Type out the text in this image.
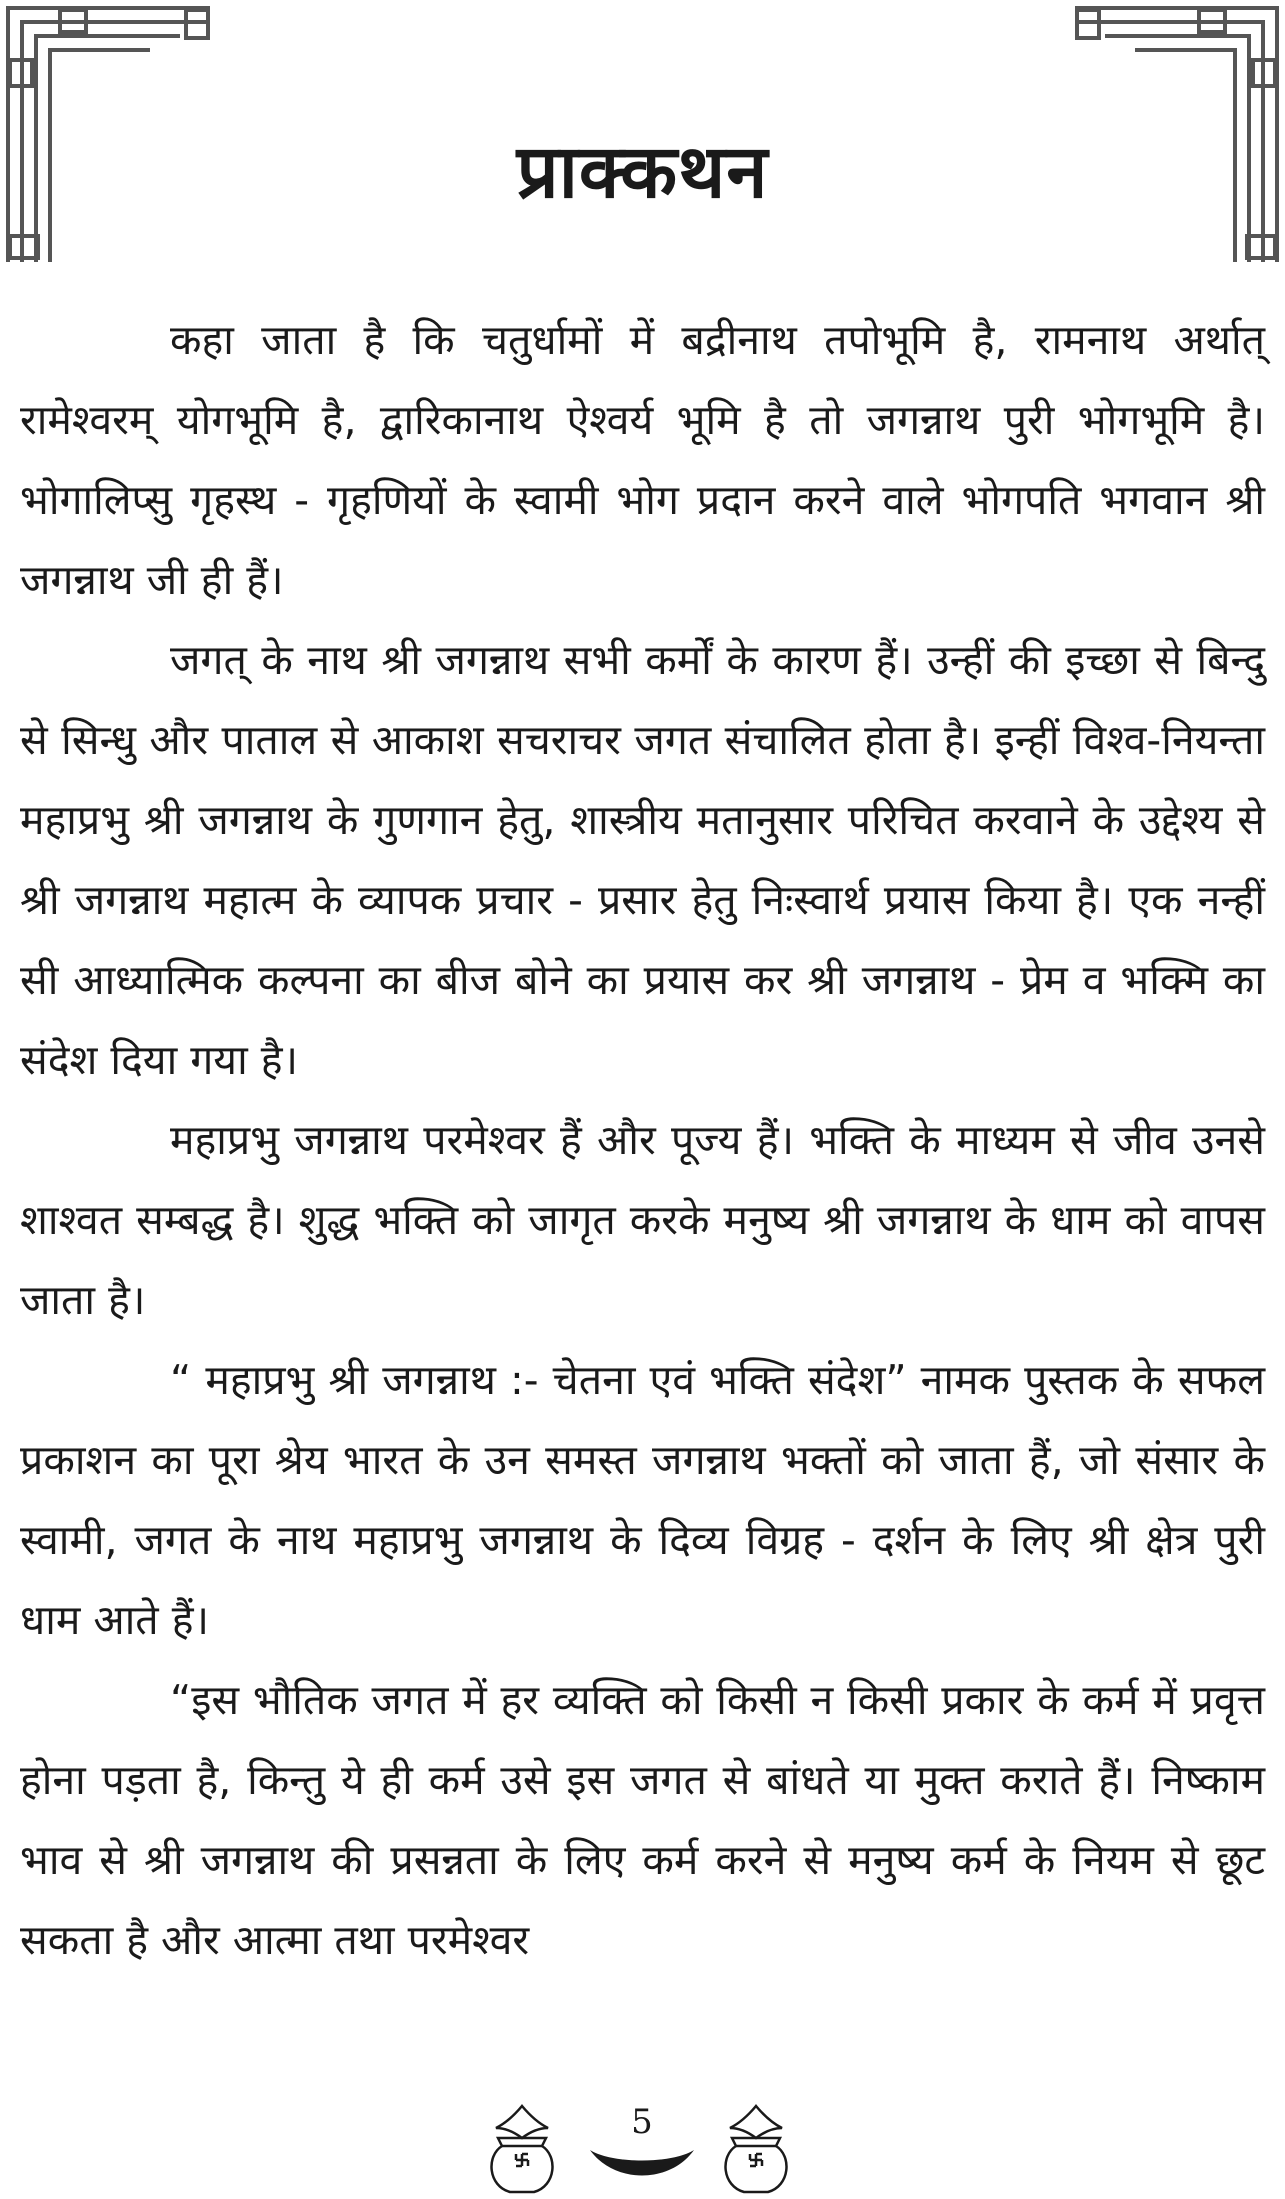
प्राक्कथन

कहा जाता है कि चतुर्धामों में बद्रीनाथ तपोभूमि है, रामनाथ अर्थात् रामेश्वरम् योगभूमि है, द्वारिकानाथ ऐश्वर्य भूमि है तो जगन्नाथ पुरी भोगभूमि है। भोगालिप्सु गृहस्थ - गृहणियों के स्वामी भोग प्रदान करने वाले भोगपति भगवान श्री जगन्नाथ जी ही हैं।

जगत् के नाथ श्री जगन्नाथ सभी कर्मों के कारण हैं। उन्हीं की इच्छा से बिन्दु से सिन्धु और पाताल से आकाश सचराचर जगत संचालित होता है। इन्हीं विश्व-नियन्ता महाप्रभु श्री जगन्नाथ के गुणगान हेतु, शास्त्रीय मतानुसार परिचित करवाने के उद्देश्य से श्री जगन्नाथ महात्म के व्यापक प्रचार - प्रसार हेतु निःस्वार्थ प्रयास किया है। एक नन्हीं सी आध्यात्मिक कल्पना का बीज बोने का प्रयास कर श्री जगन्नाथ - प्रेम व भक्मि का संदेश दिया गया है।

महाप्रभु जगन्नाथ परमेश्वर हैं और पूज्य हैं। भक्ति के माध्यम से जीव उनसे शाश्वत सम्बद्ध है। शुद्ध भक्ति को जागृत करके मनुष्य श्री जगन्नाथ के धाम को वापस जाता है।

“ महाप्रभु श्री जगन्नाथ :- चेतना एवं भक्ति संदेश” नामक पुस्तक के सफल प्रकाशन का पूरा श्रेय भारत के उन समस्त जगन्नाथ भक्तों को जाता हैं, जो संसार के स्वामी, जगत के नाथ महाप्रभु जगन्नाथ के दिव्य विग्रह - दर्शन के लिए श्री क्षेत्र पुरी धाम आते हैं।

“इस भौतिक जगत में हर व्यक्ति को किसी न किसी प्रकार के कर्म में प्रवृत्त होना पड़ता है, किन्तु ये ही कर्म उसे इस जगत से बांधते या मुक्त कराते हैं। निष्काम भाव से श्री जगन्नाथ की प्रसन्नता के लिए कर्म करने से मनुष्य कर्म के नियम से छूट सकता है और आत्मा तथा परमेश्वर

5
